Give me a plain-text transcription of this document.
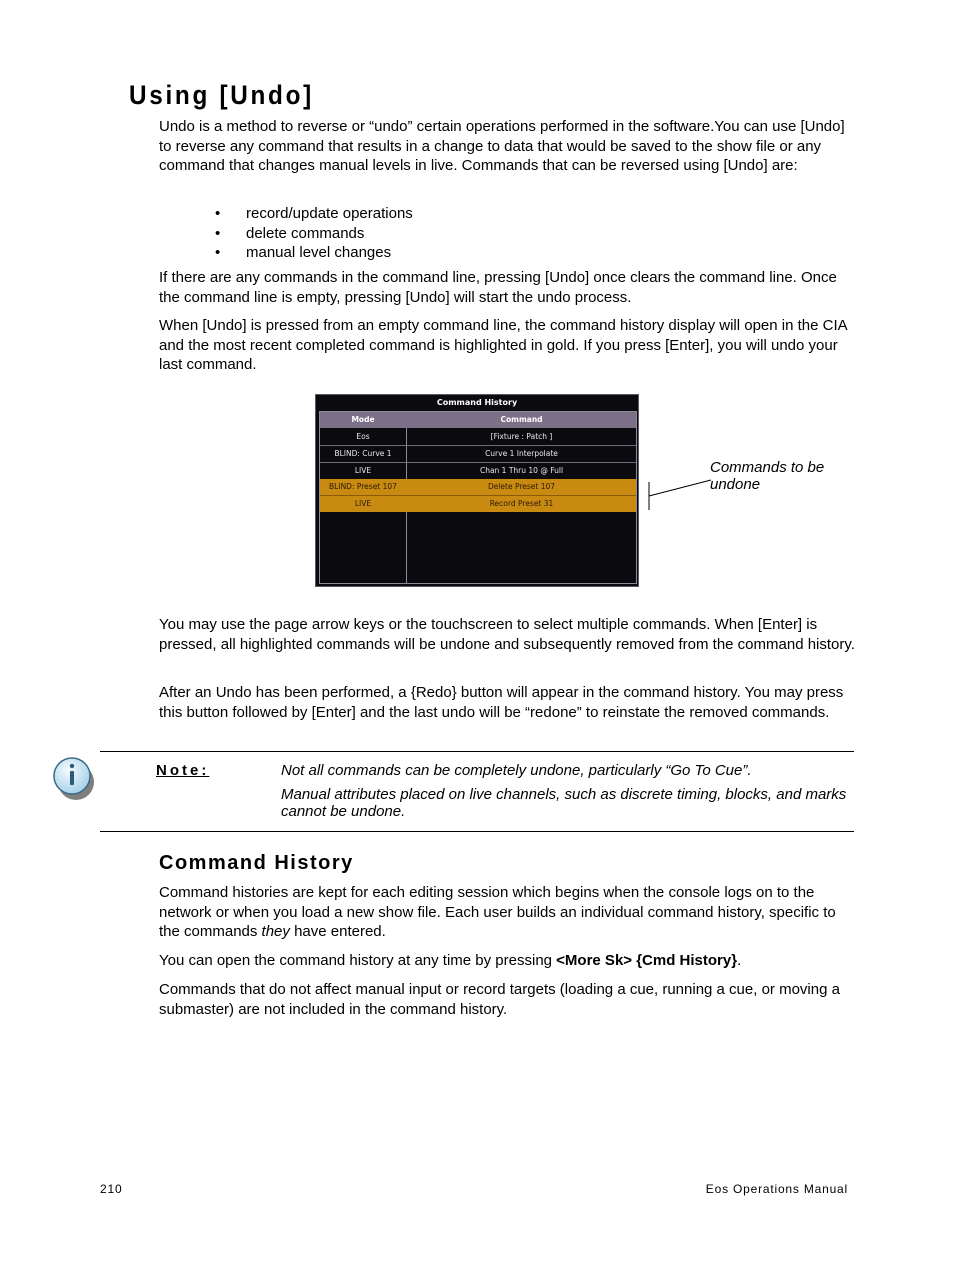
Using [Undo]

Undo is a method to reverse or “undo” certain operations performed in the software.You can use [Undo] to reverse any command that results in a change to data that would be saved to the show file or any command that changes manual levels in live. Commands that can be reversed using [Undo] are:

• record/update operations
• delete commands
• manual level changes

If there are any commands in the command line, pressing [Undo] once clears the command line. Once the command line is empty, pressing [Undo] will start the undo process.

When [Undo] is pressed from an empty command line, the command history display will open in the CIA and the most recent completed command is highlighted in gold. If you press [Enter], you will undo your last command.

Command History
Mode	Command
Eos	[Fixture : Patch ]
BLIND: Curve 1	Curve 1 Interpolate
LIVE	Chan 1 Thru 10 @ Full
BLIND: Preset 107	Delete Preset 107
LIVE	Record Preset 31
Commands to be undone

You may use the page arrow keys or the touchscreen to select multiple commands. When [Enter] is pressed, all highlighted commands will be undone and subsequently removed from the command history.

After an Undo has been performed, a {Redo} button will appear in the command history. You may press this button followed by [Enter] and the last undo will be “redone” to reinstate the removed commands.

Note:	Not all commands can be completely undone, particularly “Go To Cue”.

Manual attributes placed on live channels, such as discrete timing, blocks, and marks cannot be undone.

Command History

Command histories are kept for each editing session which begins when the console logs on to the network or when you load a new show file. Each user builds an individual command history, specific to the commands they have entered.

You can open the command history at any time by pressing <More Sk> {Cmd History}.

Commands that do not affect manual input or record targets (loading a cue, running a cue, or moving a submaster) are not included in the command history.

210	Eos Operations Manual
